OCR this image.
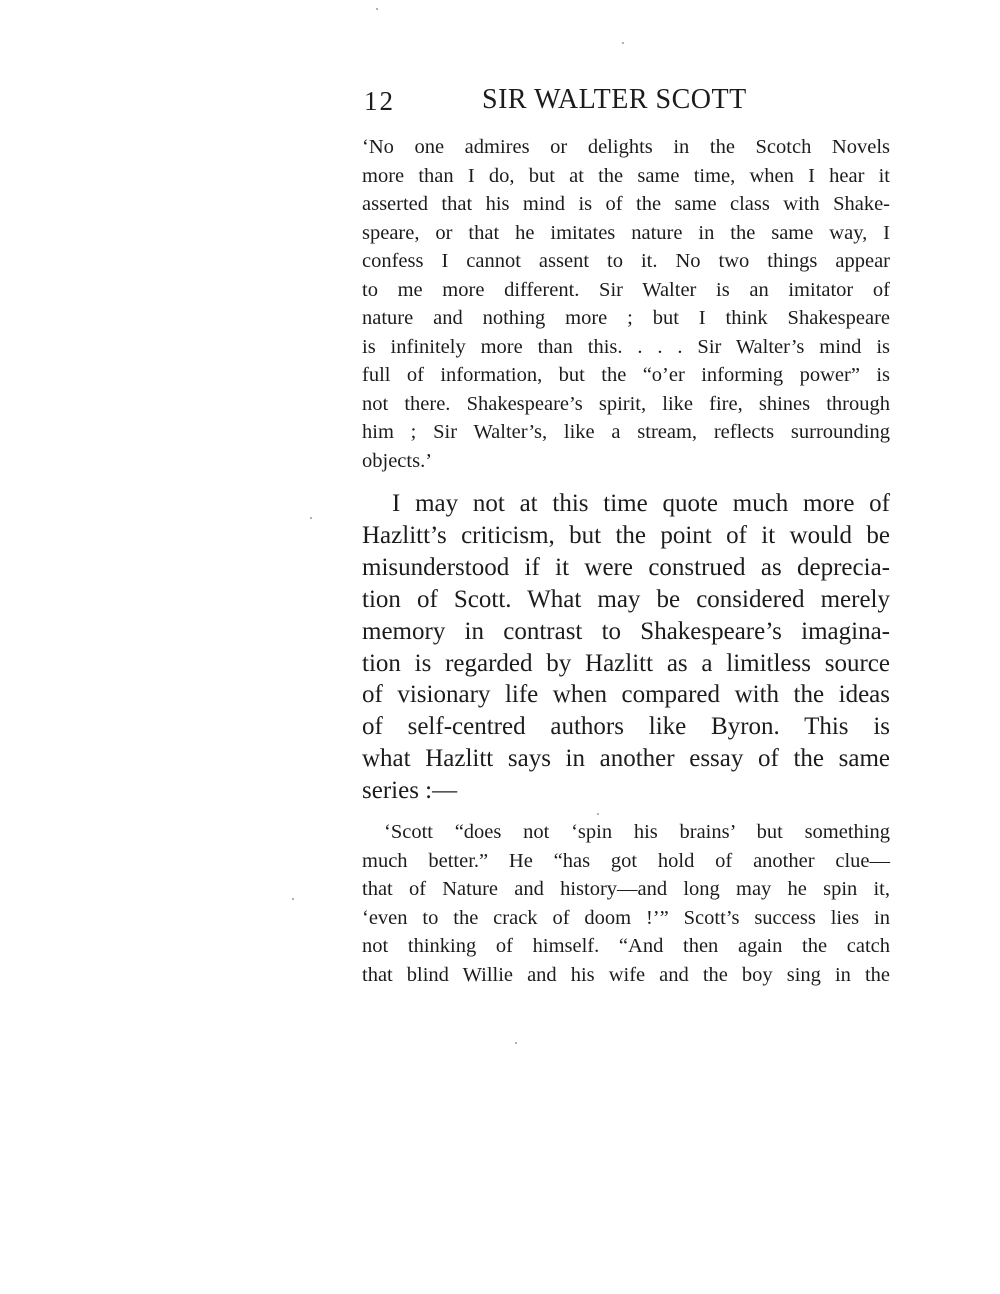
12	SIR WALTER SCOTT
‘No one admires or delights in the Scotch Novels
more than I do, but at the same time, when I hear it
asserted that his mind is of the same class with Shake-
speare, or that he imitates nature in the same way, I
confess I cannot assent to it. No two things appear
to me more different. Sir Walter is an imitator of
nature and nothing more ; but I think Shakespeare
is infinitely more than this. . . . Sir Walter’s mind is
full of information, but the “o’er informing power” is
not there. Shakespeare’s spirit, like fire, shines through
him ; Sir Walter’s, like a stream, reflects surrounding
objects.’
I may not at this time quote much more of
Hazlitt’s criticism, but the point of it would be
misunderstood if it were construed as deprecia-
tion of Scott. What may be considered merely
memory in contrast to Shakespeare’s imagina-
tion is regarded by Hazlitt as a limitless source
of visionary life when compared with the ideas
of self-centred authors like Byron. This is
what Hazlitt says in another essay of the same
series :—
‘Scott “does not ‘spin his brains’ but something
much better.” He “has got hold of another clue—
that of Nature and history—and long may he spin it,
‘even to the crack of doom !’” Scott’s success lies in
not thinking of himself. “And then again the catch
that blind Willie and his wife and the boy sing in the
